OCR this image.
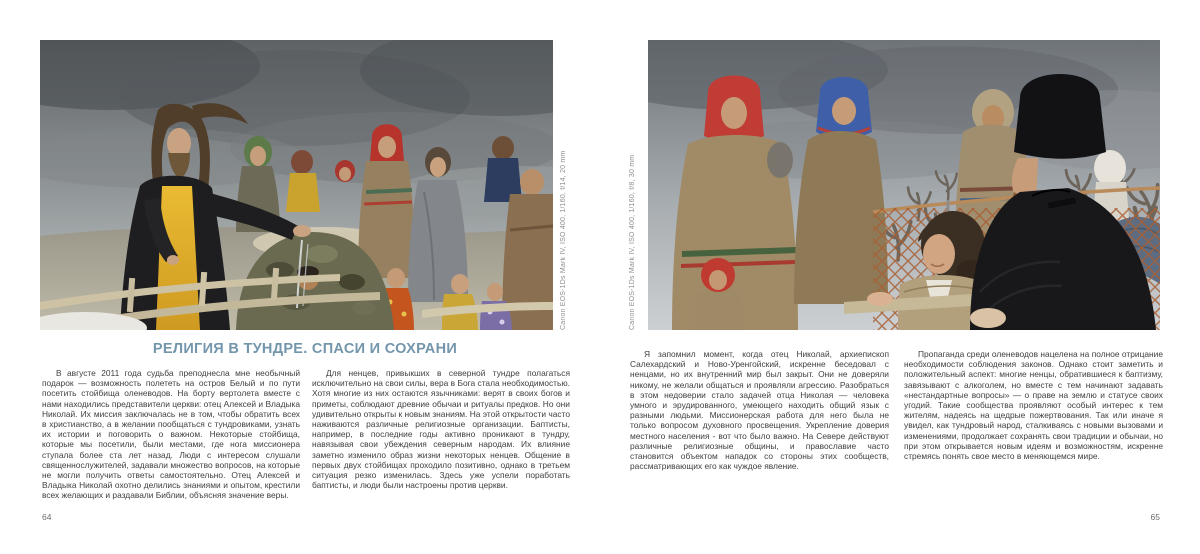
Canon EOS-1Ds Mark IV, ISO 400, 1/160, f/14, 20 mm
РЕЛИГИЯ В ТУНДРЕ. СПАСИ И СОХРАНИ

В августе 2011 года судьба преподнесла мне необычный подарок — возможность полететь на остров Белый и по пути посетить стойбища оленеводов. На борту вертолета вместе с нами находились представители церкви: отец Алексей и Владыка Николай. Их миссия заключалась не в том, чтобы обратить всех в христианство, а в желании пообщаться с тундровиками, узнать их истории и поговорить о важном. Некоторые стойбища, которые мы посетили, были местами, где нога миссионера ступала более ста лет назад. Люди с интересом слушали священнослужителей, задавали множество вопросов, на которые не могли получить ответы самостоятельно. Отец Алексей и Владыка Николай охотно делились знаниями и опытом, крестили всех желающих и раздавали Библии, объясняя значение веры.

Для ненцев, привыкших в северной тундре полагаться исключительно на свои силы, вера в Бога стала необходимостью. Хотя многие из них остаются язычниками: верят в своих богов и приметы, соблюдают древние обычаи и ритуалы предков. Но они удивительно открыты к новым знаниям. На этой открытости часто наживаются различные религиозные организации. Баптисты, например, в последние годы активно проникают в тундру, навязывая свои убеждения северным народам. Их влияние заметно изменило образ жизни некоторых ненцев. Общение в первых двух стойбищах проходило позитивно, однако в третьем ситуация резко изменилась. Здесь уже успели поработать баптисты, и люди были настроены против церкви.

64
Canon EOS-1Ds Mark IV, ISO 400, 1/160, f/8, 30 mm

Я запомнил момент, когда отец Николай, архиепископ Салехардский и Ново-Уренгойский, искренне беседовал с ненцами, но их внутренний мир был закрыт. Они не доверяли никому, не желали общаться и проявляли агрессию. Разобраться в этом недоверии стало задачей отца Николая — человека умного и эрудированного, умеющего находить общий язык с разными людьми. Миссионерская работа для него была не только вопросом духовного просвещения. Укрепление доверия местного населения - вот что было важно. На Севере действуют различные религиозные общины, и православие часто становится объектом нападок со стороны этих сообществ, рассматривающих его как чуждое явление.

Пропаганда среди оленеводов нацелена на полное отрицание необходимости соблюдения законов. Однако стоит заметить и положительный аспект: многие ненцы, обратившиеся к баптизму, завязывают с алкоголем, но вместе с тем начинают задавать «нестандартные вопросы» — о праве на землю и статусе своих угодий. Такие сообщества проявляют особый интерес к тем жителям, надеясь на щедрые пожертвования. Так или иначе я увидел, как тундровый народ, сталкиваясь с новыми вызовами и изменениями, продолжает сохранять свои традиции и обычаи, но при этом открывается новым идеям и возможностям, искренне стремясь понять свое место в меняющемся мире.

65
